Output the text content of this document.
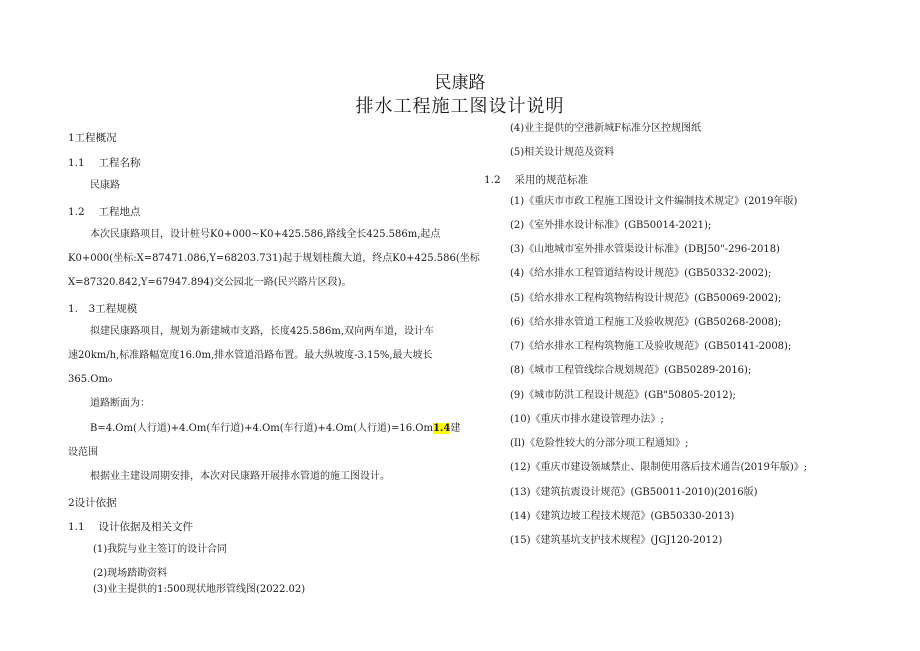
民康路
排水工程施工图设计说明
1工程概况
1.1　 工程名称
民康路
1.2　 工程地点
本次民康路项目，设计桩号K0+000~K0+425.586,路线全长425.586m,起点
K0+000(坐标:X=87471.086,Y=68203.731)起于规划桂馥大道，终点K0+425.586(坐标
X=87320.842,Y=67947.894)交公园北一路(民兴路片区段)。
1.　3工程规模
拟建民康路项目，规划为新建城市支路，长度425.586m,双向两车道，设计车
速20km/h,标准路幅宽度16.0m,排水管道沿路布置。最大纵坡度-3.15%,最大坡长
365.Om₀
道路断面为：
B=4.Om(人行道)+4.Om(车行道)+4.Om(车行道)+4.Om(人行道)=16.Om1.4建
设范围
根据业主建设周期安排，本次对民康路开展排水管道的施工图设计。
2设计依据
1.1　 设计依据及相关文件
(1)我院与业主签订的设计合同
(2)现场踏勘资料
(3)业主提供的1:500现状地形管线图(2022.02)
(4)业主提供的空港新城F标准分区控规图纸
(5)相关设计规范及资料
1.2　 采用的规范标准
(1)《重庆市市政工程施工图设计文件编制技术规定》(2019年版)
(2)《室外排水设计标准》(GB50014-2021);
(3)《山地城市室外排水管渠设计标准》(DBJ50"-296-2018)
(4)《给水排水工程管道结构设计规范》(GB50332-2002);
(5)《给水排水工程构筑物结构设计规范》(GB50069-2002);
(6)《给水排水管道工程施工及验收规范》(GB50268-2008);
(7)《给水排水工程构筑物施工及验收规范》(GB50141-2008);
(8)《城市工程管线综合规划规范》(GB50289-2016);
(9)《城市防洪工程设计规范》(GB"50805-2012);
(10)《重庆市排水建设管理办法》;
(Il)《危险性较大的分部分项工程通知》;
(12)《重庆市建设领域禁止、限制使用落后技术通告(2019年版)》;
(13)《建筑抗震设计规范》(GB50011-2010)(2016版)
(14)《建筑边坡工程技术规范》(GB50330-2013)
(15)《建筑基坑支护技术规程》(JGJ120-2012)
